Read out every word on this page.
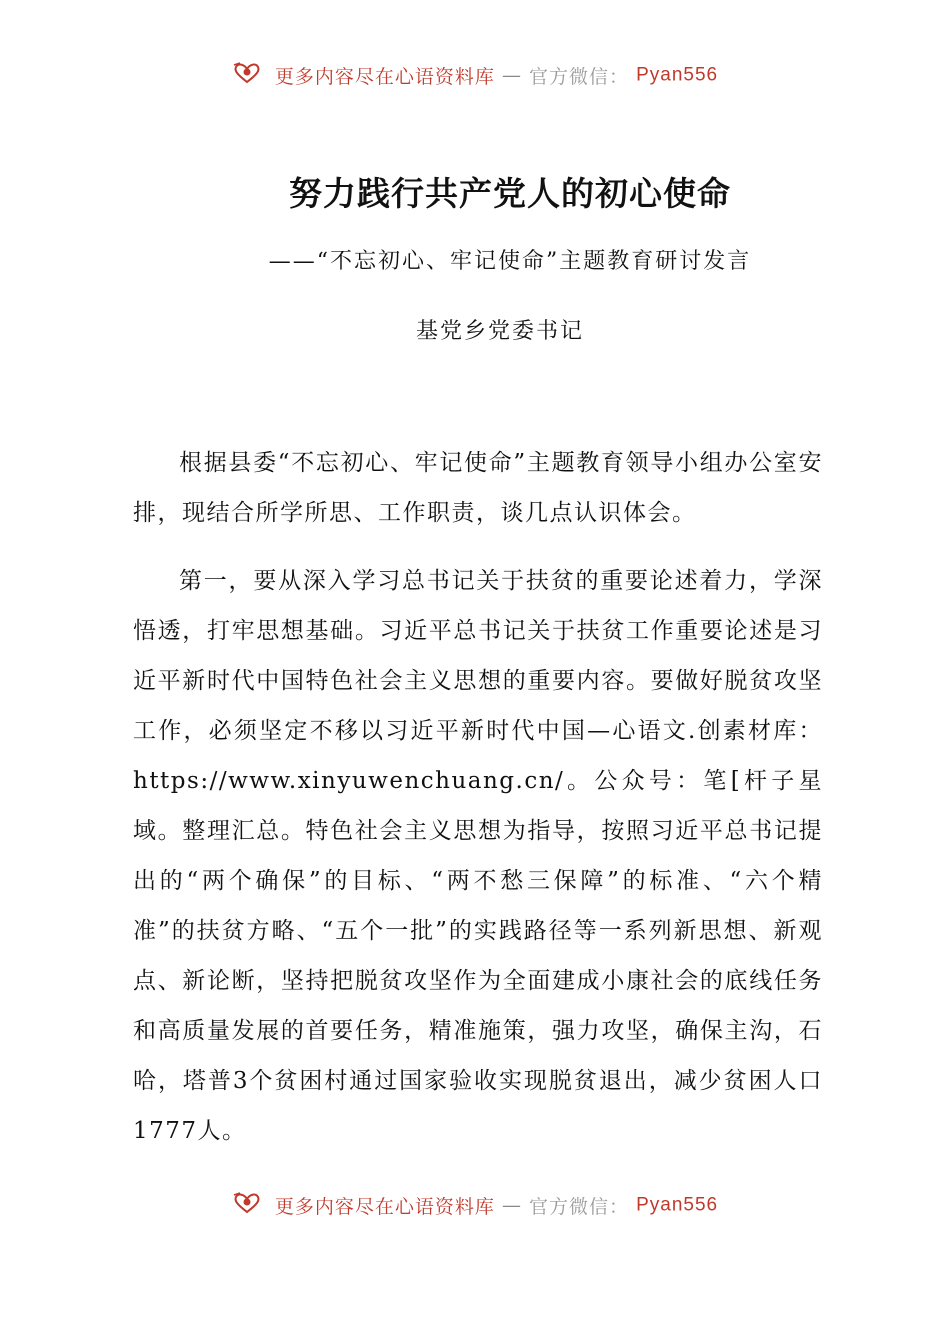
更多内容尽在心语资料库 — 官方微信： Pyan556
努力践行共产党人的初心使命
——“不忘初心、牢记使命”主题教育研讨发言
基党乡党委书记

根据县委“不忘初心、牢记使命”主题教育领导小组办公室安排，现结合所学所思、工作职责，谈几点认识体会。

第一，要从深入学习总书记关于扶贫的重要论述着力，学深悟透，打牢思想基础。习近平总书记关于扶贫工作重要论述是习近平新时代中国特色社会主义思想的重要内容。要做好脱贫攻坚工作，必须坚定不移以习近平新时代中国—心语文.创素材库：https://www.xinyuwenchuang.cn/。公众号：笔[杆子星域。整理汇总。特色社会主义思想为指导，按照习近平总书记提出的“两个确保”的目标、“两不愁三保障”的标准、“六个精准”的扶贫方略、“五个一批”的实践路径等一系列新思想、新观点、新论断，坚持把脱贫攻坚作为全面建成小康社会的底线任务和高质量发展的首要任务，精准施策，强力攻坚，确保主沟，石哈，塔普3个贫困村通过国家验收实现脱贫退出，减少贫困人口1777人。

更多内容尽在心语资料库 — 官方微信： Pyan556
